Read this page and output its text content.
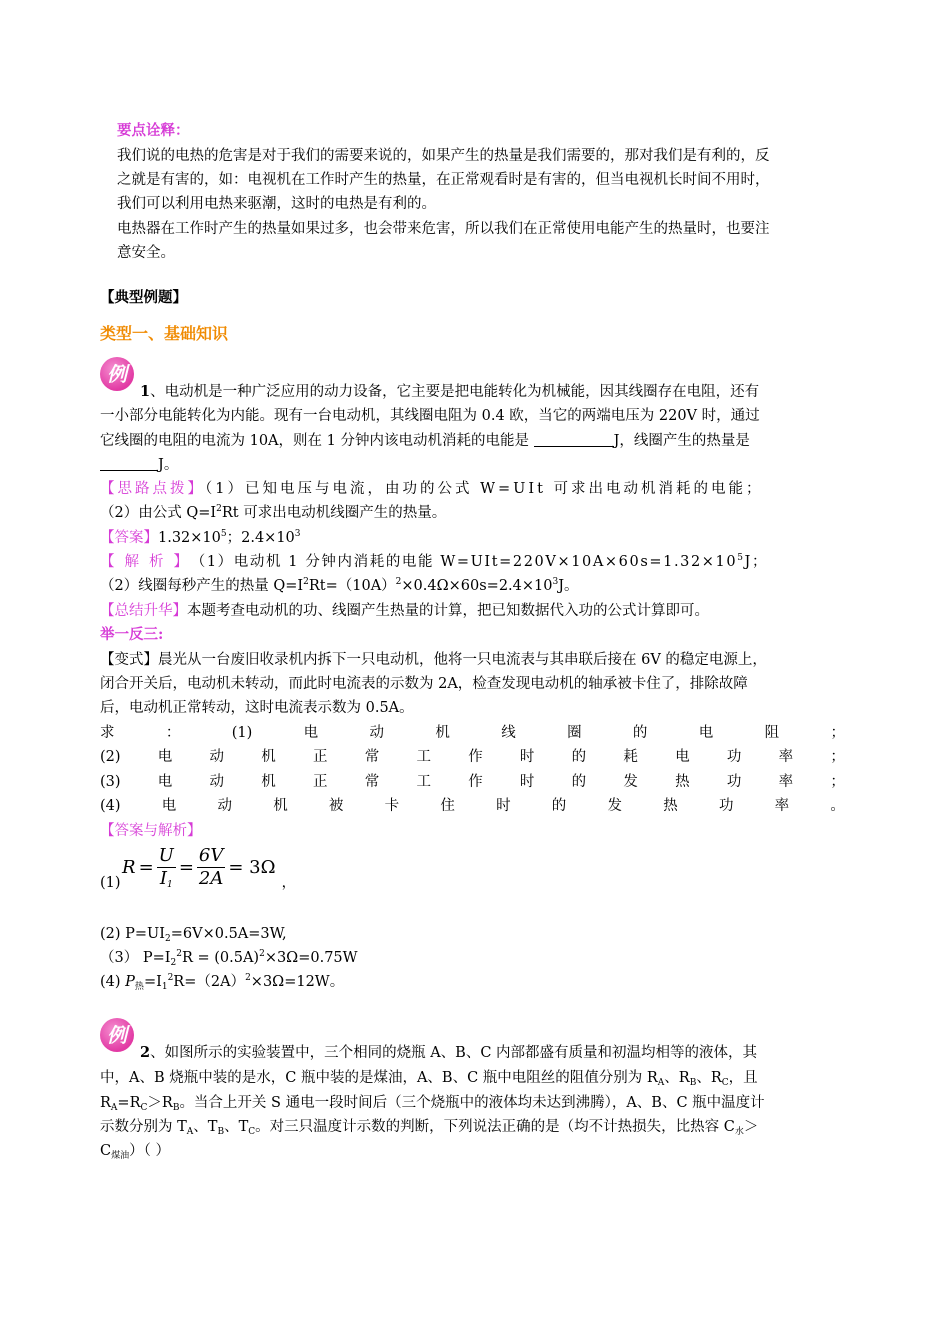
要点诠释：
我们说的电热的危害是对于我们的需要来说的，如果产生的热量是我们需要的，那对我们是有利的，反
之就是有害的，如：电视机在工作时产生的热量，在正常观看时是有害的，但当电视机长时间不用时，
我们可以利用电热来驱潮，这时的电热是有利的。
电热器在工作时产生的热量如果过多，也会带来危害，所以我们在正常使用电能产生的热量时，也要注
意安全。
【典型例题】
类型一、基础知识
例
1、电动机是一种广泛应用的动力设备，它主要是把电能转化为机械能，因其线圈存在电阻，还有
一小部分电能转化为内能。现有一台电动机，其线圈电阻为 0.4 欧，当它的两端电压为 220V 时，通过
它线圈的电阻的电流为 10A，则在 1 分钟内该电动机消耗的电能是	J，线圈产生的热量是
J。
【思路点拨】（1）已知电压与电流，由功的公式 W=UIt 可求出电动机消耗的电能；
（2）由公式 $Q=I^2Rt$ 可求出电动机线圈产生的热量。
【答案】$1.32\times 10^5$；$2.4\times 10^3$
【解析】（1）电动机 1 分钟内消耗的电能 $W=UIt=220V\times 10A\times 60s=1.32\times 10^5J$；
（2）线圈每秒产生的热量 $Q=I^2Rt=(10A)^2\times 0.4\Omega\times 60s=2.4\times 10^3J$。
【总结升华】本题考查电动机的功、线圈产生热量的计算，把已知数据代入功的公式计算即可。
举一反三:
【变式】晨光从一台废旧收录机内拆下一只电动机，他将一只电流表与其串联后接在 6V 的稳定电源上，
闭合开关后，电动机未转动，而此时电流表的示数为 2A，检查发现电动机的轴承被卡住了，排除故障
后，电动机正常转动，这时电流表示数为 0.5A。
求	：	(1)	电	动	机	线	圈	的	电	阻	；
(2)	电	动	机	正	常	工	作	时	的	耗	电	功	率	；
(3)	电	动	机	正	常	工	作	时	的	发	热	功	率	；
(4)	电	动	机	被	卡	住	时	的	发	热	功	率	。
【答案与解析】
(1)
$R = \frac{U}{I_1} = \frac{6V}{2A} = 3\Omega$
，
(2) $P=UI_2=6V\times 0.5A=3W$,
（3） $P=I_2^2R = (0.5A)^2\times 3\Omega=0.75W$
(4) $P_热=I_1^2R=(2A)^2\times 3\Omega=12W$。
例
2、如图所示的实验装置中，三个相同的烧瓶 A、B、C 内部都盛有质量和初温均相等的液体，其
中，A、B 烧瓶中装的是水，C 瓶中装的是煤油，A、B、C 瓶中电阻丝的阻值分别为 $R_A$、$R_B$、$R_C$，且
$R_A=R_C>R_B$。当合上开关 S 通电一段时间后（三个烧瓶中的液体均未达到沸腾），A、B、C 瓶中温度计
示数分别为 $T_A$、$T_B$、$T_C$。对三只温度计示数的判断，下列说法正确的是（均不计热损失，比热容 $C_水>$
$C_{煤油}$）（ ）
